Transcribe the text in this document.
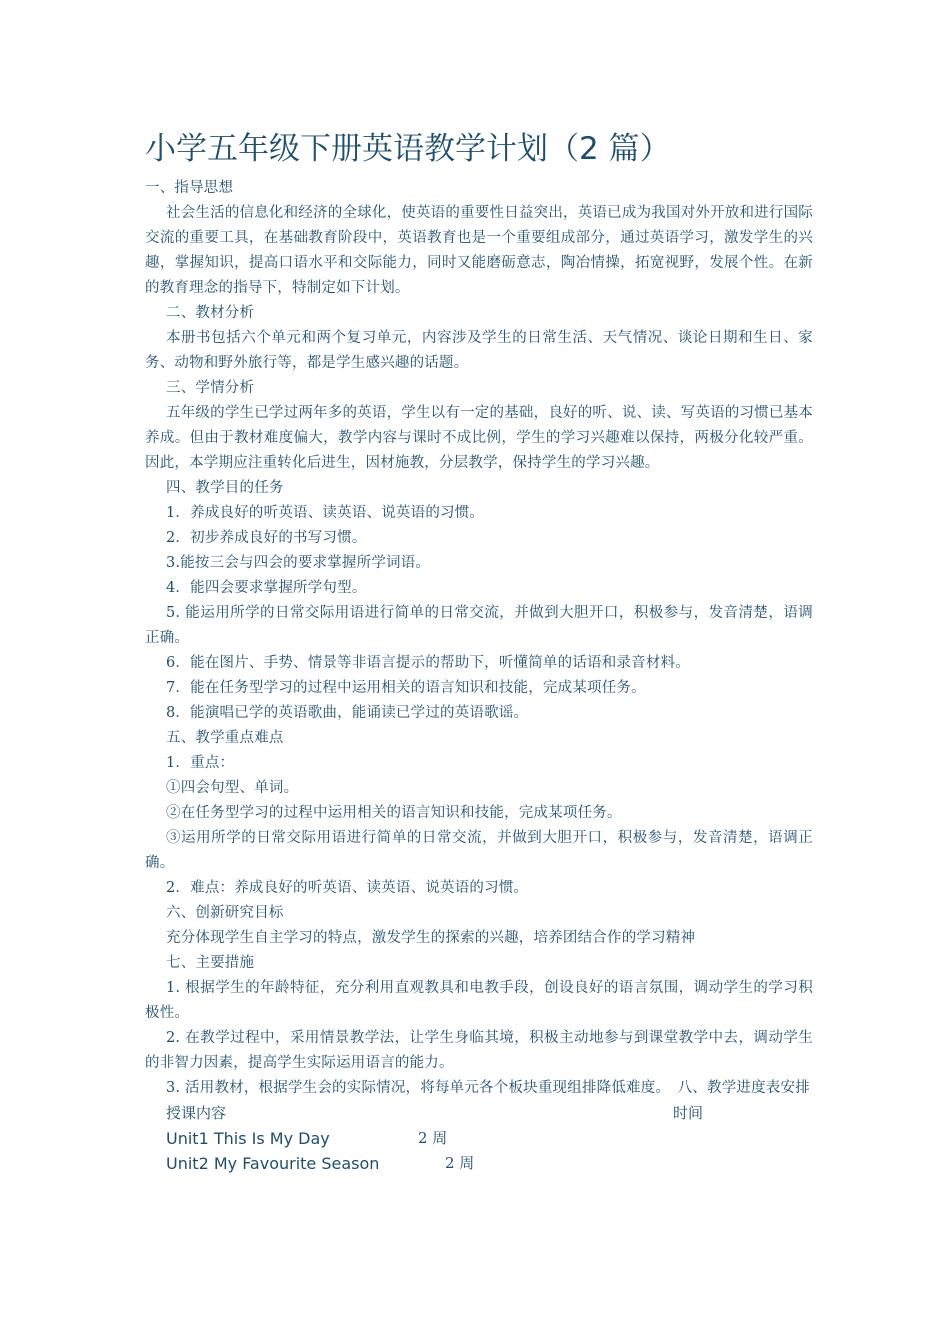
小学五年级下册英语教学计划（2 篇）

一、指导思想

社会生活的信息化和经济的全球化，使英语的重要性日益突出，英语已成为我国对外开放和进行国际交流的重要工具，在基础教育阶段中，英语教育也是一个重要组成部分，通过英语学习，激发学生的兴趣，掌握知识，提高口语水平和交际能力，同时又能磨砺意志，陶冶情操，拓宽视野，发展个性。在新的教育理念的指导下，特制定如下计划。

二、教材分析

本册书包括六个单元和两个复习单元，内容涉及学生的日常生活、天气情况、谈论日期和生日、家务、动物和野外旅行等，都是学生感兴趣的话题。

三、学情分析

五年级的学生已学过两年多的英语，学生以有一定的基础，良好的听、说、读、写英语的习惯已基本养成。但由于教材难度偏大，教学内容与课时不成比例，学生的学习兴趣难以保持，两极分化较严重。因此，本学期应注重转化后进生，因材施教，分层教学，保持学生的学习兴趣。

四、教学目的任务

1．养成良好的听英语、读英语、说英语的习惯。

2．初步养成良好的书写习惯。

3.能按三会与四会的要求掌握所学词语。

4．能四会要求掌握所学句型。

5. 能运用所学的日常交际用语进行简单的日常交流，并做到大胆开口，积极参与，发音清楚，语调正确。

6．能在图片、手势、情景等非语言提示的帮助下，听懂简单的话语和录音材料。

7．能在任务型学习的过程中运用相关的语言知识和技能，完成某项任务。

8．能演唱已学的英语歌曲，能诵读已学过的英语歌谣。

五、教学重点难点

1．重点：

①四会句型、单词。

②在任务型学习的过程中运用相关的语言知识和技能，完成某项任务。

③运用所学的日常交际用语进行简单的日常交流，并做到大胆开口，积极参与，发音清楚，语调正确。

2．难点：养成良好的听英语、读英语、说英语的习惯。

六、创新研究目标

充分体现学生自主学习的特点，激发学生的探索的兴趣，培养团结合作的学习精神

七、主要措施

1. 根据学生的年龄特征，充分利用直观教具和电教手段，创设良好的语言氛围，调动学生的学习积极性。

2. 在教学过程中，采用情景教学法，让学生身临其境，积极主动地参与到课堂教学中去，调动学生的非智力因素，提高学生实际运用语言的能力。

3. 活用教材，根据学生会的实际情况，将每单元各个板块重现组排降低难度。　八、教学进度表安排

授课内容	时间
Unit1 This Is My Day	2 周
Unit2 My Favourite Season	2 周
